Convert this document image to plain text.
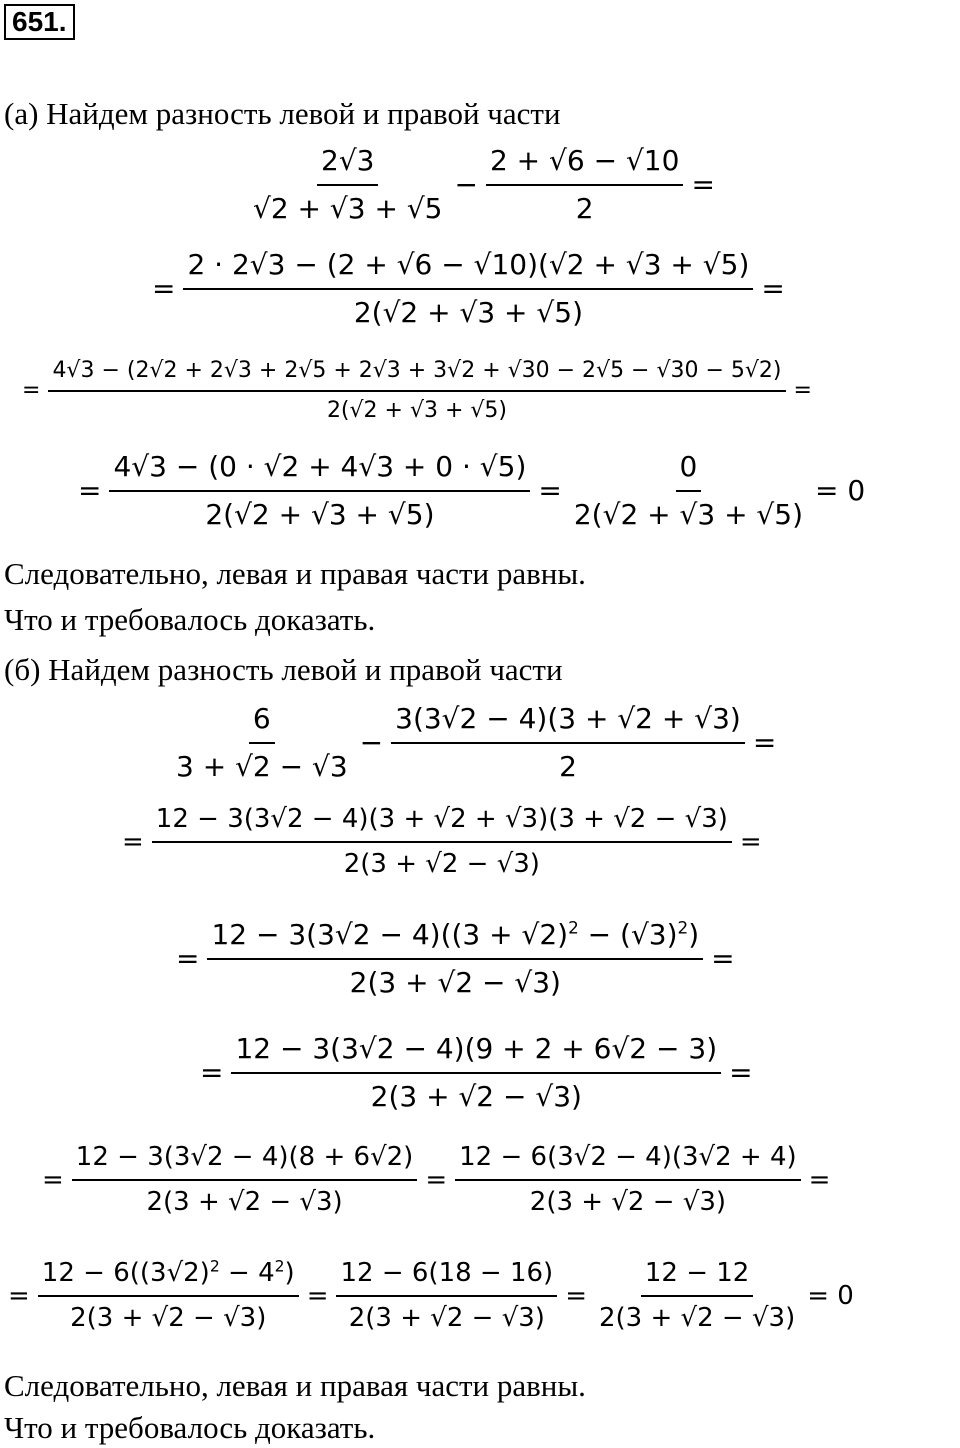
651.
(а) Найдем разность левой и правой части
$\frac{2√3}{√2 + √3 + √5} - \frac{2 + √6 - √10}{2}$ =
= $\frac{2 \cdot 2√3 - (2 + √6 - √10)(√2 + √3 + √5)}{2(√2 + √3 + √5)}$ =
= $\frac{4√3 - (2√2 + 2√3 + 2√5 + 2√3 + 3√2 + √30 - 2√5 - √30 - 5√2)}{2(√2 + √3 + √5)}$ =
= $\frac{4√3 - (0 \cdot √2 + 4√3 + 0 \cdot √5)}{2(√2 + √3 + √5)} = \frac{0}{2(√2 + √3 + √5)} = 0$
Следовательно, левая и правая части равны.
Что и требовалось доказать.
(б) Найдем разность левой и правой части
$\frac{6}{3 + √2 - √3} - \frac{3(3√2 - 4)(3 + √2 + √3)}{2}$ =
= $\frac{12 - 3(3√2 - 4)(3 + √2 + √3)(3 + √2 - √3)}{2(3 + √2 - √3)}$ =
= $\frac{12 - 3(3√2 - 4)((3 + √2)^2 - (√3)^2)}{2(3 + √2 - √3)}$ =
= $\frac{12 - 3(3√2 - 4)(9 + 2 + 6√2 - 3)}{2(3 + √2 - √3)}$ =
= $\frac{12 - 3(3√2 - 4)(8 + 6√2)}{2(3 + √2 - √3)} = \frac{12 - 6(3√2 - 4)(3√2 + 4)}{2(3 + √2 - √3)}$ =
= $\frac{12 - 6((3√2)^2 - 4^2)}{2(3 + √2 - √3)} = \frac{12 - 6(18 - 16)}{2(3 + √2 - √3)} = \frac{12 - 12}{2(3 + √2 - √3)} = 0$
Следовательно, левая и правая части равны.
Что и требовалось доказать.
